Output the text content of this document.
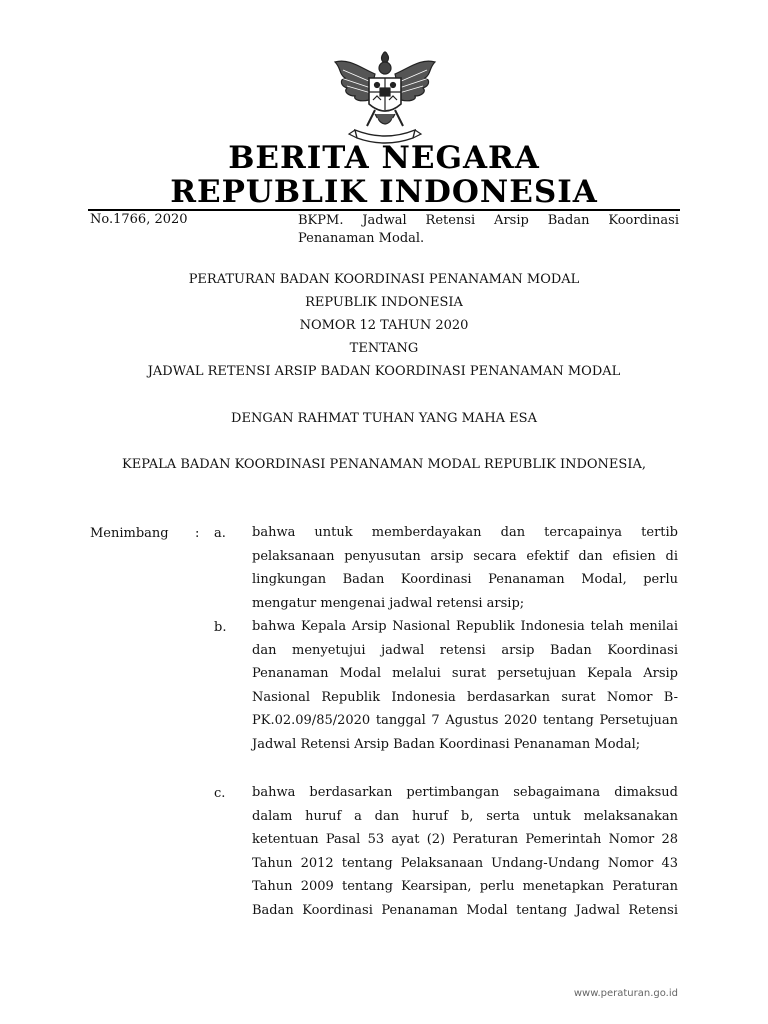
BERITA NEGARA
REPUBLIK INDONESIA
No.1766, 2020	BKPM. Jadwal Retensi Arsip Badan Koordinasi Penanaman Modal.
PERATURAN BADAN KOORDINASI PENANAMAN MODAL
REPUBLIK INDONESIA
NOMOR 12 TAHUN 2020
TENTANG
JADWAL RETENSI ARSIP BADAN KOORDINASI PENANAMAN MODAL
DENGAN RAHMAT TUHAN YANG MAHA ESA
KEPALA BADAN KOORDINASI PENANAMAN MODAL REPUBLIK INDONESIA,
Menimbang : a. bahwa untuk memberdayakan dan tercapainya tertib pelaksanaan penyusutan arsip secara efektif dan efisien di lingkungan Badan Koordinasi Penanaman Modal, perlu mengatur mengenai jadwal retensi arsip;
b. bahwa Kepala Arsip Nasional Republik Indonesia telah menilai dan menyetujui jadwal retensi arsip Badan Koordinasi Penanaman Modal melalui surat persetujuan Kepala Arsip Nasional Republik Indonesia berdasarkan surat Nomor B-PK.02.09/85/2020 tanggal 7 Agustus 2020 tentang Persetujuan Jadwal Retensi Arsip Badan Koordinasi Penanaman Modal;
c. bahwa berdasarkan pertimbangan sebagaimana dimaksud dalam huruf a dan huruf b, serta untuk melaksanakan ketentuan Pasal 53 ayat (2) Peraturan Pemerintah Nomor 28 Tahun 2012 tentang Pelaksanaan Undang-Undang Nomor 43 Tahun 2009 tentang Kearsipan, perlu menetapkan Peraturan Badan Koordinasi Penanaman Modal tentang Jadwal Retensi
www.peraturan.go.id
